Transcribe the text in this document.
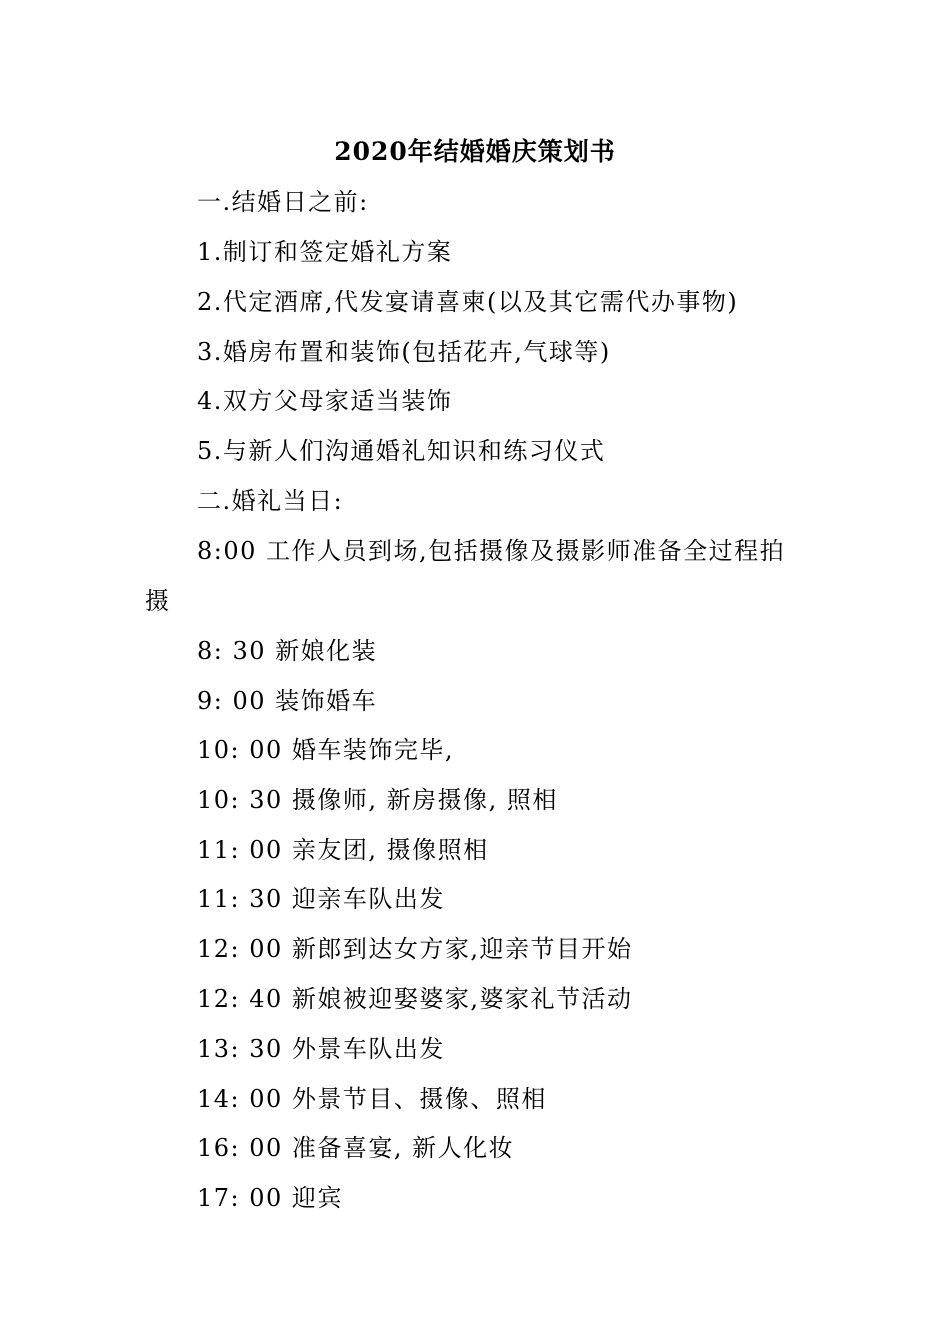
2020年结婚婚庆策划书
一.结婚日之前:
1.制订和签定婚礼方案
2.代定酒席,代发宴请喜柬(以及其它需代办事物)
3.婚房布置和装饰(包括花卉,气球等)
4.双方父母家适当装饰
5.与新人们沟通婚礼知识和练习仪式
二.婚礼当日:
8:00 工作人员到场,包括摄像及摄影师准备全过程拍
摄
8: 30 新娘化装
9: 00 装饰婚车
10: 00 婚车装饰完毕,
10: 30 摄像师, 新房摄像, 照相
11: 00 亲友团, 摄像照相
11: 30 迎亲车队出发
12: 00 新郎到达女方家,迎亲节目开始
12: 40 新娘被迎娶婆家,婆家礼节活动
13: 30 外景车队出发
14: 00 外景节目、摄像、照相
16: 00 准备喜宴, 新人化妆
17: 00 迎宾
